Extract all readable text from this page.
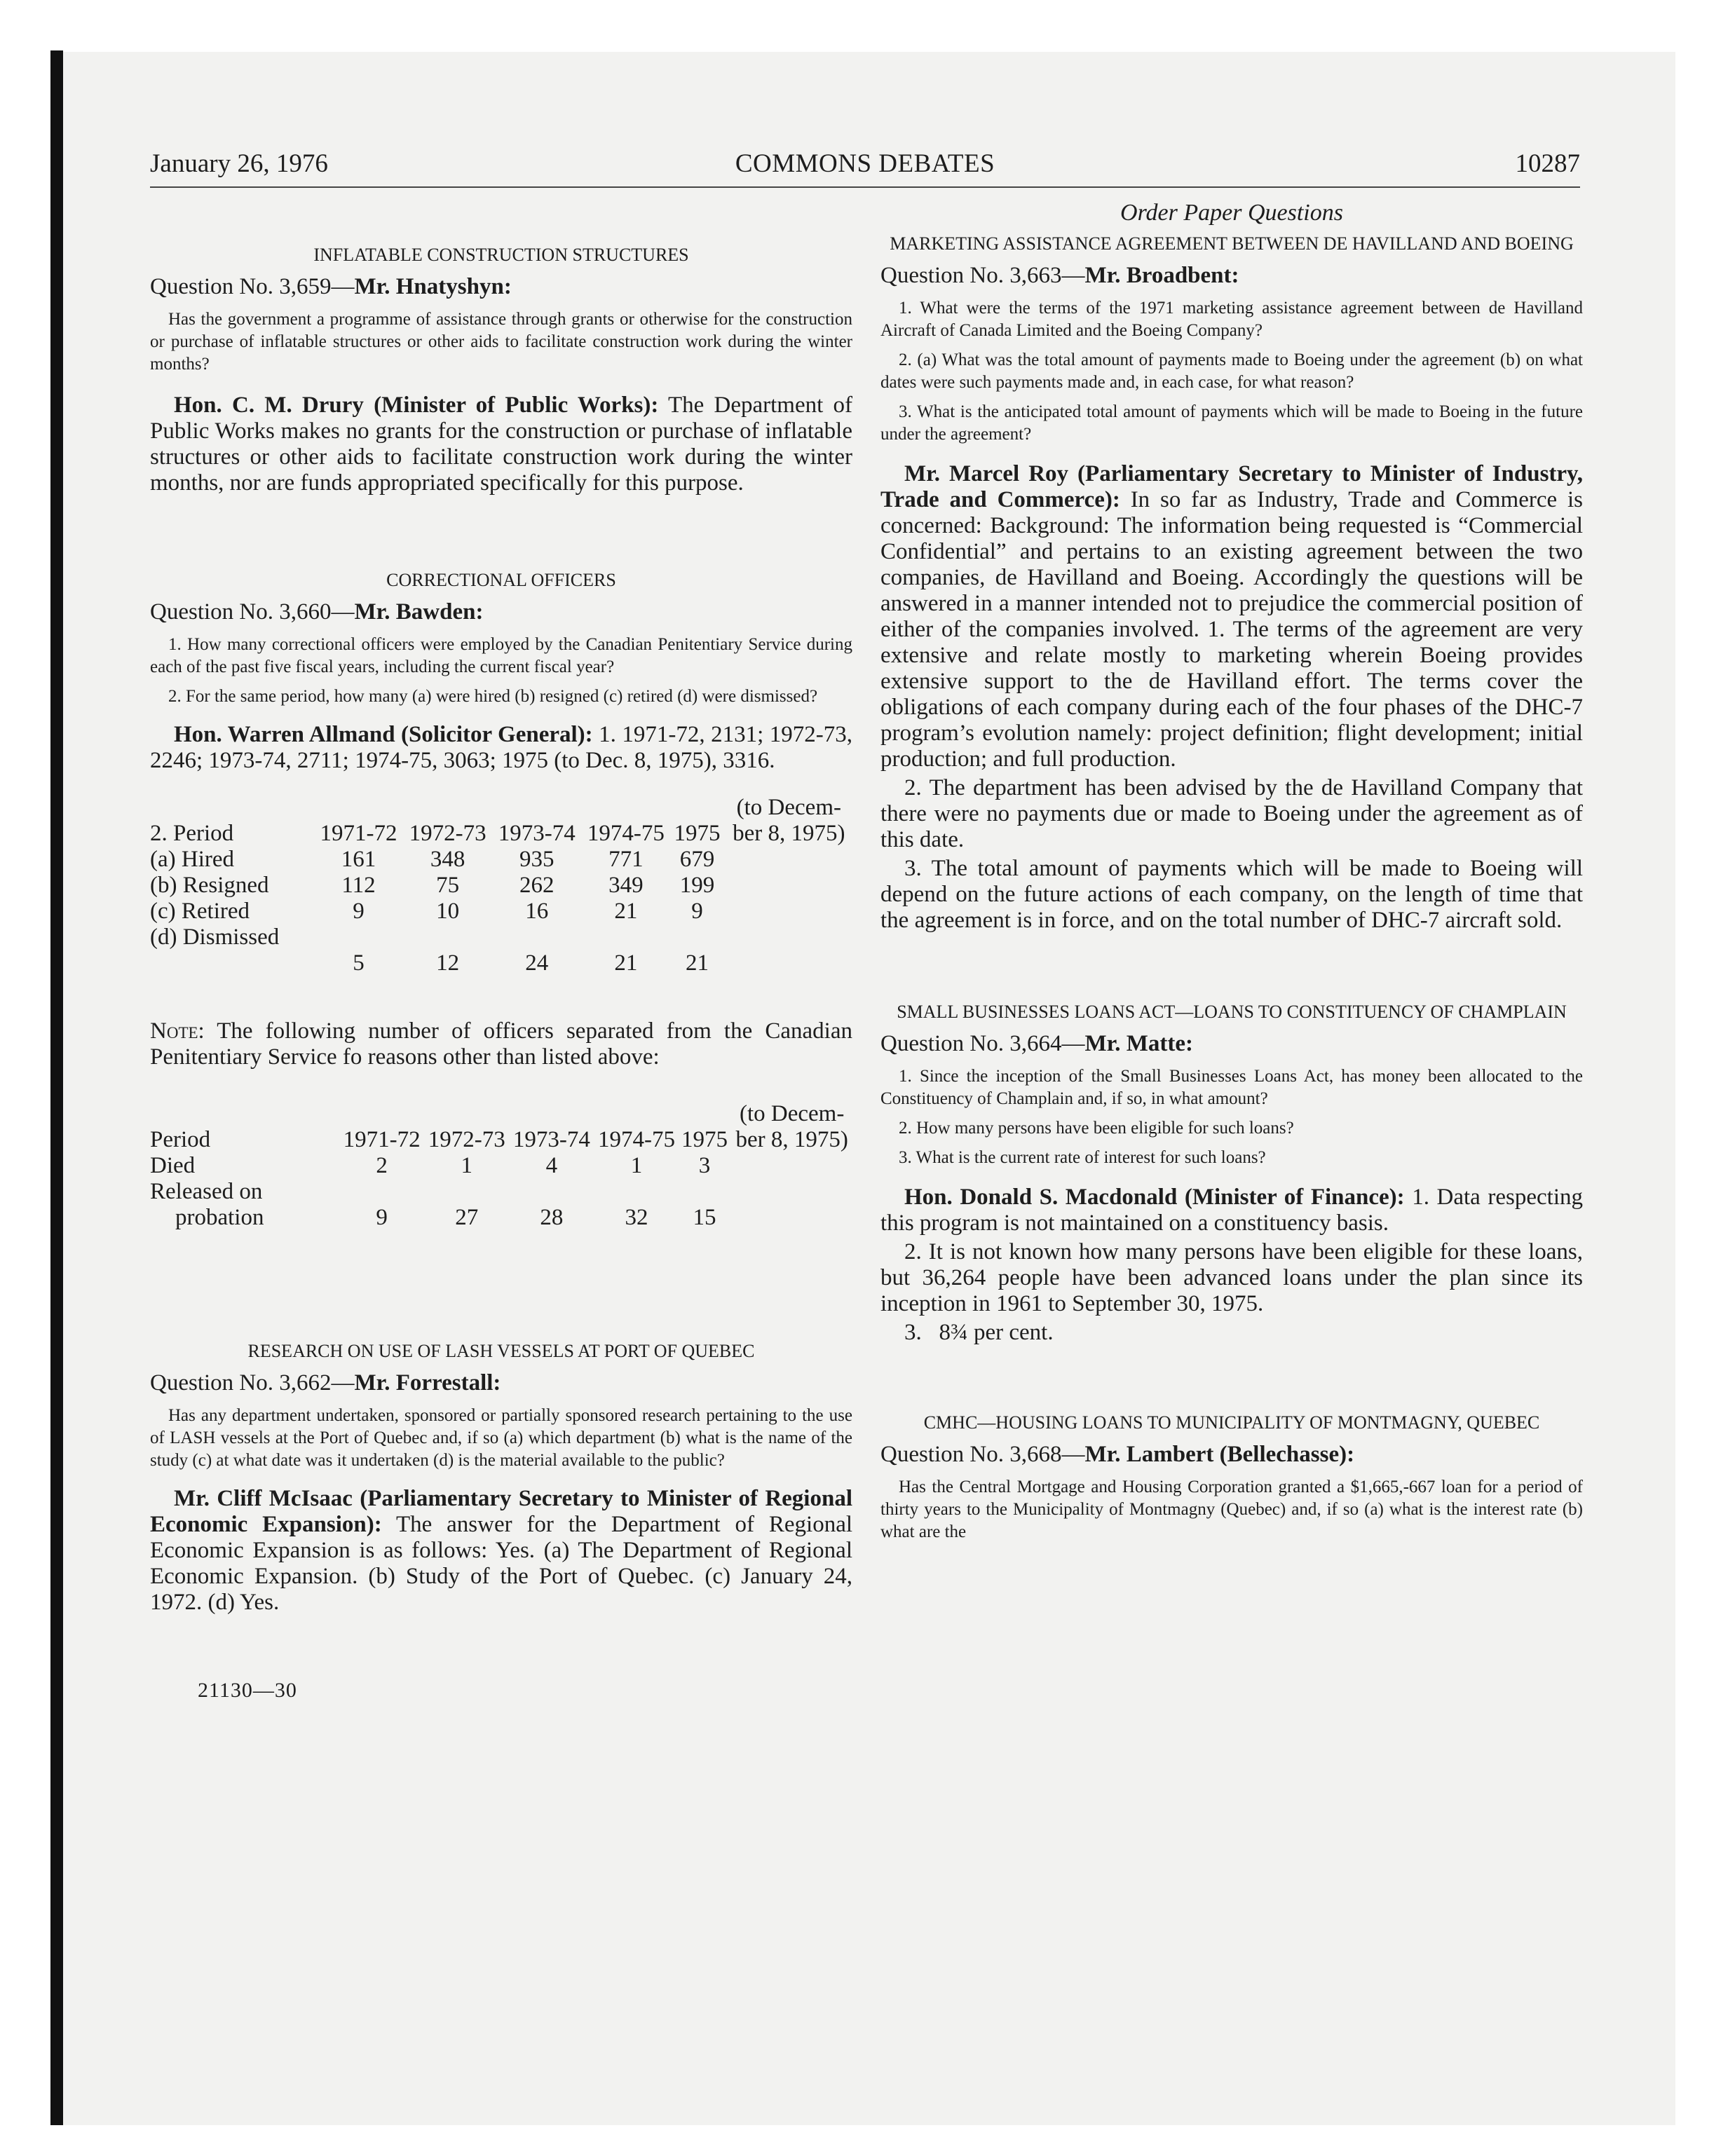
January 26, 1976	COMMONS DEBATES	10287

INFLATABLE CONSTRUCTION STRUCTURES

Question No. 3,659—Mr. Hnatyshyn:

Has the government a programme of assistance through grants or otherwise for the construction or purchase of inflatable structures or other aids to facilitate construction work during the winter months?

Hon. C. M. Drury (Minister of Public Works): The Department of Public Works makes no grants for the construction or purchase of inflatable structures or other aids to facilitate construction work during the winter months, nor are funds appropriated specifically for this purpose.

CORRECTIONAL OFFICERS

Question No. 3,660—Mr. Bawden:

1. How many correctional officers were employed by the Canadian Penitentiary Service during each of the past five fiscal years, including the current fiscal year?

2. For the same period, how many (a) were hired (b) resigned (c) retired (d) were dismissed?

Hon. Warren Allmand (Solicitor General): 1. 1971-72, 2131; 1972-73, 2246; 1973-74, 2711; 1974-75, 3063; 1975 (to Dec. 8, 1975), 3316.

						(to Decem-
2. Period	1971-72	1972-73	1973-74	1974-75	1975	ber 8, 1975)
(a) Hired	161	348	935	771	679	
(b) Resigned	112	75	262	349	199	
(c) Retired	9	10	16	21	9	
(d) Dismissed						
	5	12	24	21	21	

Note: The following number of officers separated from the Canadian Penitentiary Service fo reasons other than listed above:

						(to Decem-
Period	1971-72	1972-73	1973-74	1974-75	1975	ber 8, 1975)
Died	2	1	4	1	3	
Released on						
probation	9	27	28	32	15	

RESEARCH ON USE OF LASH VESSELS AT PORT OF QUEBEC

Question No. 3,662—Mr. Forrestall:

Has any department undertaken, sponsored or partially sponsored research pertaining to the use of LASH vessels at the Port of Quebec and, if so (a) which department (b) what is the name of the study (c) at what date was it undertaken (d) is the material available to the public?

Mr. Cliff McIsaac (Parliamentary Secretary to Minister of Regional Economic Expansion): The answer for the Department of Regional Economic Expansion is as follows: Yes. (a) The Department of Regional Economic Expansion. (b) Study of the Port of Quebec. (c) January 24, 1972. (d) Yes.

21130—30

Order Paper Questions

MARKETING ASSISTANCE AGREEMENT BETWEEN DE HAVILLAND AND BOEING

Question No. 3,663—Mr. Broadbent:

1. What were the terms of the 1971 marketing assistance agreement between de Havilland Aircraft of Canada Limited and the Boeing Company?

2. (a) What was the total amount of payments made to Boeing under the agreement (b) on what dates were such payments made and, in each case, for what reason?

3. What is the anticipated total amount of payments which will be made to Boeing in the future under the agreement?

Mr. Marcel Roy (Parliamentary Secretary to Minister of Industry, Trade and Commerce): In so far as Industry, Trade and Commerce is concerned: Background: The information being requested is “Commercial Confidential” and pertains to an existing agreement between the two companies, de Havilland and Boeing. Accordingly the questions will be answered in a manner intended not to prejudice the commercial position of either of the companies involved. 1. The terms of the agreement are very extensive and relate mostly to marketing wherein Boeing provides extensive support to the de Havilland effort. The terms cover the obligations of each company during each of the four phases of the DHC-7 program’s evolution namely: project definition; flight development; initial production; and full production.

2. The department has been advised by the de Havilland Company that there were no payments due or made to Boeing under the agreement as of this date.

3. The total amount of payments which will be made to Boeing will depend on the future actions of each company, on the length of time that the agreement is in force, and on the total number of DHC-7 aircraft sold.

SMALL BUSINESSES LOANS ACT—LOANS TO CONSTITUENCY OF CHAMPLAIN

Question No. 3,664—Mr. Matte:

1. Since the inception of the Small Businesses Loans Act, has money been allocated to the Constituency of Champlain and, if so, in what amount?

2. How many persons have been eligible for such loans?

3. What is the current rate of interest for such loans?

Hon. Donald S. Macdonald (Minister of Finance): 1. Data respecting this program is not maintained on a constituency basis.

2. It is not known how many persons have been eligible for these loans, but 36,264 people have been advanced loans under the plan since its inception in 1961 to September 30, 1975.

3.   8¾ per cent.

CMHC—HOUSING LOANS TO MUNICIPALITY OF MONTMAGNY, QUEBEC

Question No. 3,668—Mr. Lambert (Bellechasse):

Has the Central Mortgage and Housing Corporation granted a $1,665,-667 loan for a period of thirty years to the Municipality of Montmagny (Quebec) and, if so (a) what is the interest rate (b) what are the
